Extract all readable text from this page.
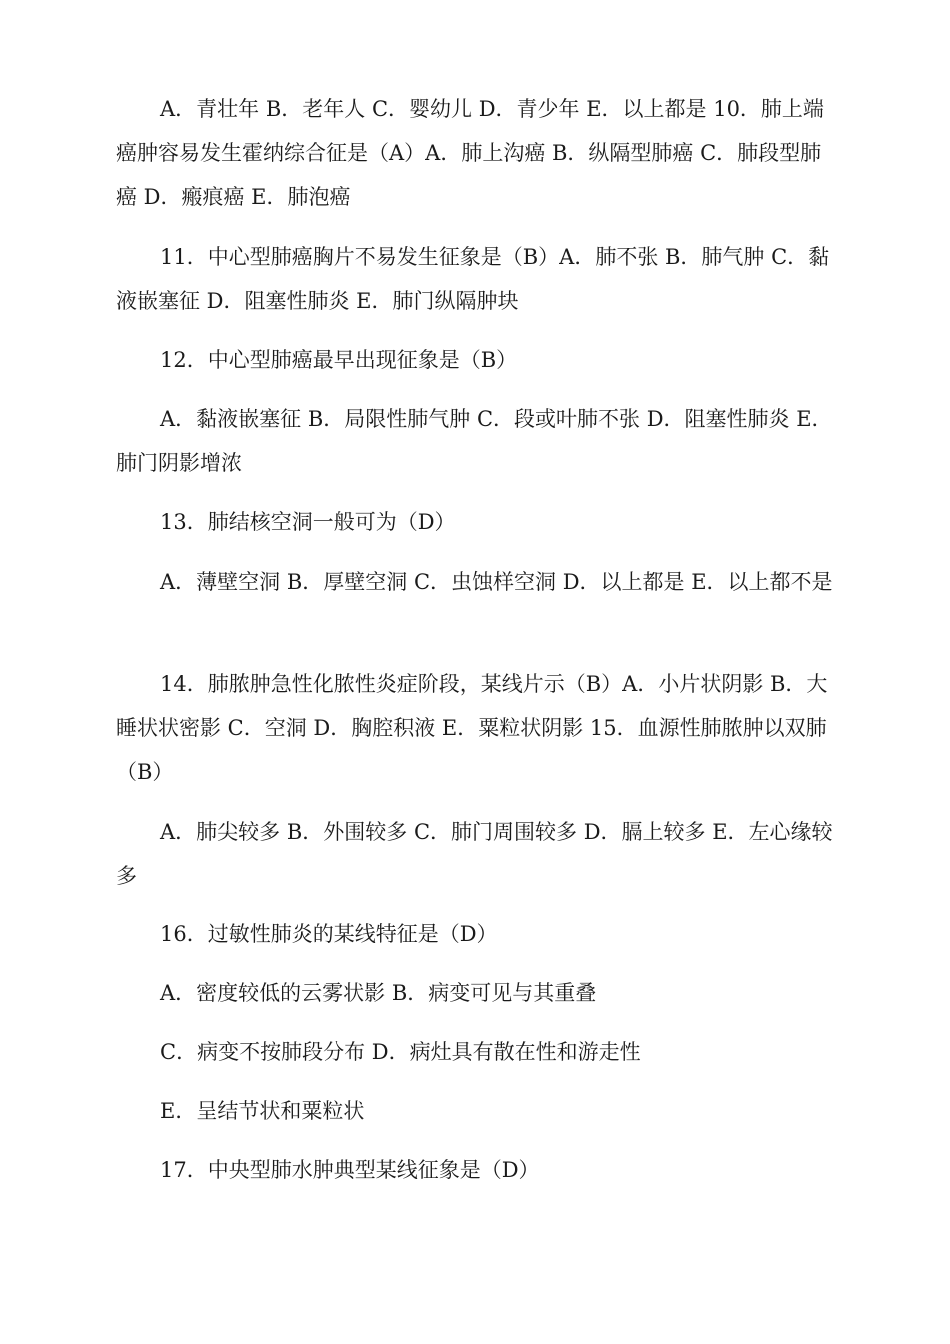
A．青壮年 B．老年人 C．婴幼儿 D．青少年 E．以上都是 10．肺上端癌肿容易发生霍纳综合征是（A）A．肺上沟癌 B．纵隔型肺癌 C．肺段型肺癌 D．瘢痕癌 E．肺泡癌

11．中心型肺癌胸片不易发生征象是（B）A．肺不张 B．肺气肿 C．黏液嵌塞征 D．阻塞性肺炎 E．肺门纵隔肿块

12．中心型肺癌最早出现征象是（B）

A．黏液嵌塞征 B．局限性肺气肿 C．段或叶肺不张 D．阻塞性肺炎 E．肺门阴影增浓

13．肺结核空洞一般可为（D）

A．薄壁空洞 B．厚壁空洞 C．虫蚀样空洞 D．以上都是 E．以上都不是

14．肺脓肿急性化脓性炎症阶段，某线片示（B）A．小片状阴影 B．大睡状状密影 C．空洞 D．胸腔积液 E．粟粒状阴影 15．血源性肺脓肿以双肺（B）

A．肺尖较多 B．外围较多 C．肺门周围较多 D．膈上较多 E．左心缘较多

16．过敏性肺炎的某线特征是（D）

A．密度较低的云雾状影 B．病变可见与其重叠

C．病变不按肺段分布 D．病灶具有散在性和游走性

E．呈结节状和粟粒状

17．中央型肺水肿典型某线征象是（D）
